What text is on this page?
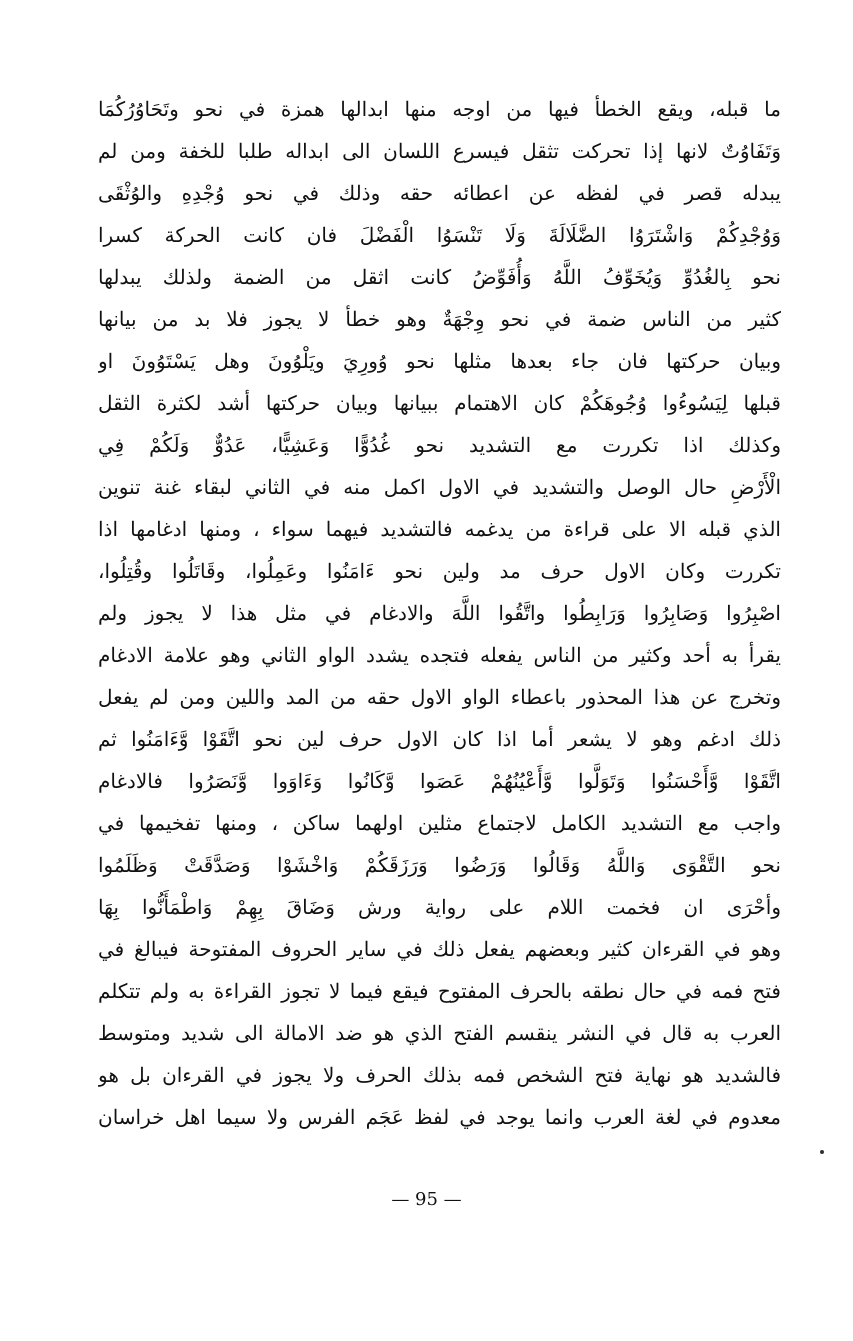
ما قبله، ويقع الخطأ فيها من اوجه منها ابدالها همزة في نحو وتَحَاوُرُكُمَا
وَتَفَاوُتٌ لانها إذا تحركت تثقل فيسرع اللسان الى ابداله طلبا للخفة ومن لم
يبدله قصر في لفظه عن اعطائه حقه وذلك في نحو وُجْدِهِ والوُثْقَى
وَوُجْدِكُمْ وَاشْتَرَوُا الضَّلَالَةَ وَلَا تَنْسَوُا الْفَضْلَ فان كانت الحركة كسرا
نحو بِالغُدُوِّ وَيُخَوِّفُ اللَّهُ وَأُفَوِّضُ كانت اثقل من الضمة ولذلك يبدلها
كثير من الناس ضمة في نحو وِجْهَةٌ وهو خطأ لا يجوز فلا بد من بيانها
وبيان حركتها فان جاء بعدها مثلها نحو وُورِيَ ويَلْوُونَ وهل يَسْتَوُونَ او
قبلها لِيَسُوءُوا وُجُوهَكُمْ كان الاهتمام ببيانها وبيان حركتها أشد لكثرة الثقل
وكذلك اذا تكررت مع التشديد نحو غُدُوًّا وَعَشِيًّا، عَدُوٌّ وَلَكُمْ فِي
الْأَرْضِ حال الوصل والتشديد في الاول اكمل منه في الثاني لبقاء غنة تنوين
الذي قبله الا على قراءة من يدغمه فالتشديد فيهما سواء ، ومنها ادغامها اذا
تكررت وكان الاول حرف مد ولين نحو ءَامَنُوا وعَمِلُوا، وقَاتَلُوا وقُتِلُوا،
اصْبِرُوا وَصَابِرُوا وَرَابِطُوا واتَّقُوا اللَّهَ والادغام في مثل هذا لا يجوز ولم
يقرأ به أحد وكثير من الناس يفعله فتجده يشدد الواو الثاني وهو علامة الادغام
وتخرج عن هذا المحذور باعطاء الواو الاول حقه من المد واللين ومن لم يفعل
ذلك ادغم وهو لا يشعر أما اذا كان الاول حرف لين نحو اتَّقَوْا وَّءَامَنُوا ثم
اتَّقَوْا وَّأَحْسَنُوا وَتَوَلَّوا وَّأَعْيُنُهُمْ عَصَوا وَّكَانُوا وَءَاوَوا وَّنَصَرُوا فالادغام
واجب مع التشديد الكامل لاجتماع مثلين اولهما ساكن ، ومنها تفخيمها في
نحو التَّقْوَى وَاللَّهُ وَقَالُوا وَرَضُوا وَرَزَقَكُمْ وَاخْشَوْا وَصَدَّقَتْ وَظَلَمُوا
وأحْرَى ان فخمت اللام على رواية ورش وَضَاقَ بِهِمْ وَاطْمَأَنُّوا بِهَا
وهو في القرءان كثير وبعضهم يفعل ذلك في ساير الحروف المفتوحة فيبالغ في
فتح فمه في حال نطقه بالحرف المفتوح فيقع فيما لا تجوز القراءة به ولم تتكلم
العرب به قال في النشر ينقسم الفتح الذي هو ضد الامالة الى شديد ومتوسط
فالشديد هو نهاية فتح الشخص فمه بذلك الحرف ولا يجوز في القرءان بل هو
معدوم في لغة العرب وانما يوجد في لفظ عَجَم الفرس ولا سيما اهل خراسان
— 95 —
